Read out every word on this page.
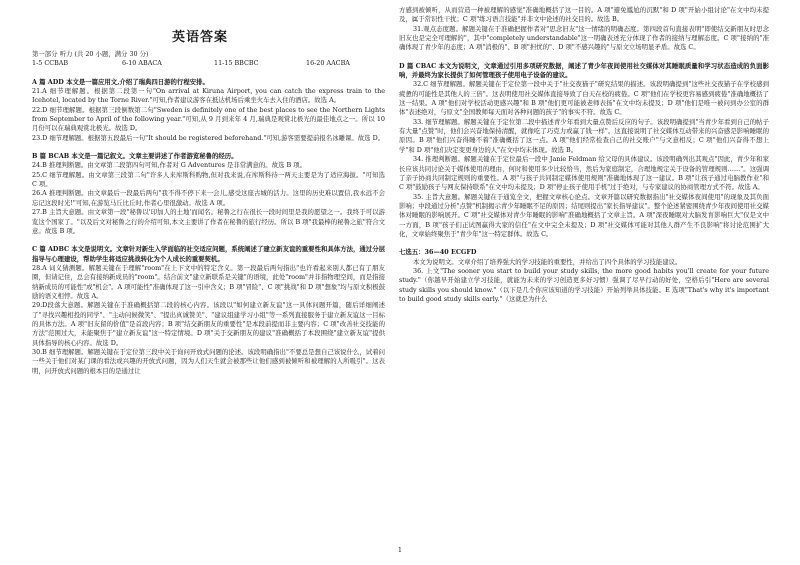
英语答案

第一部分 听力 (共 20 小题，满分 30 分)

1-5 CCBAB	6-10 ABACA	11-15 BBCBC	16-20 AACBA

A 篇 ADD 本文是一篇应用文,介绍了瑞典四日游的行程安排。

21.A 细节理解题。根据第二段第一句"On arrival at Kiruna Airport, you can catch the express train to the Icehotel, located by the Torne River."可知,作者建议游客在抵达机场后乘坐火车去入住的酒店。故选 A。

22.D 细节理解题。根据第三段倒数第二句"Sweden is definitely one of the best places to see the Northern Lights from September to April of the following year."可知,从 9 月到来年 4 月,瑞典是观赏北极光的最佳地点之一。所以 10 月份可以在瑞典观赏北极光。故选 D。

23.D 细节理解题。根据第五段最后一句"It should be registered beforehand."可知,游客需要提前报名冰雕课。故选 D。

B 篇 BCAB 本文是一篇记叙文。文章主要讲述了作者游览秘鲁的经历。

24.B 推理判断题。由文章第二段第四句可知,作者对 G Adventures 是非常满意的。故选 B 项。

25.C 细节理解题。由文章第三段第二句"许多人来库斯科购物,但对我来说,在库斯科待一两天主要是为了适应海拔。"可知选 C 项。

26.A 推理判断题。由文章最后一段最后两句"我不得不停下来一会儿,感受这座古城的活力。这里的历史难以置信,我永远不会忘记这段时光!"可知,在游览马丘比丘时,作者心里很激动。故选 A 项。

27.B 主旨大意题。由文章第一段"秘鲁以'印加人的土地'而闻名。秘鲁之行在很长一段时间里是我的愿望之一。我终于可以游览这个国家了。"以及后文对秘鲁之行的介绍可知,本文主要讲了作者在秘鲁的旅行经历。所以 B 项"我最棒的秘鲁之旅"符合文意。故选 B 项。

C 篇 ADBC 本文是说明文。文章针对新生入学面临的社交适应问题，系统阐述了建立新友谊的重要性和具体方法，通过分层指导与心理建设，帮助学生将适应挑战转化为个人成长的重要契机。

28.A 词义猜测题。解题关键在于理解"room"在上下文中的特定含义。第一段最后两句指出"也许看起来别人都已有了朋友圈，但请记住，总会有接纳新成员的"room"。结合前文"建立新联系是关键"的语境，此处"room"并非指物理空间，而是指接纳新成员的可能性"或"机会"。A 项可能性"准确体现了这一引申含义；B 项"冒险"、C 项"挑战"和 D 项"想象"均与原文积极鼓励的语义相悖。故选 A。

29.D段落大意题。解题关键在于准确概括第二段的核心内容。该段以"如何建立新友谊"这一具体问题开篇，随后详细阐述了"寻找兴趣相投的同学"、"主动问候微笑"、"提出真诚赞美"、"建议组建学习小组"等一系列直接服务于建立新友谊这一目标的具体方法。A 项"旧友留的价值"是首段内容；B 项"结交新朋友的重要性"是本段前提而非主要内容；C 项"改善社交技能的方法"范围过大，未能聚焦于"建立新友谊"这一特定情境。D 项"关于交新朋友的建议"准确概括了本段围绕"建立新友谊"提供具体指导的核心内容。故选 D。

30.B 细节理解题。解题关键在于定位第三段中关于询问开放式问题的论述。该段明确指出"不要总是想自己该说什么，试着问一些关于他们对某门课的看法或兴趣的开放式问题，因为人们天生就会被那些让他们感到被倾听和被理解的人所吸引"。这表明，问开放式问题的根本目的是通过让

方感到被倾听，从而营造一种被理解的感觉"准确地概括了这一目的。A 项"避免尴尬的沉默"和 D 项"开始小组讨论"在文中均未提及，属于常识性干扰；C 项"练习语言技能"并非文中论述的社交目的。故选 B。

31.观点态度题。解题关键在于准确把握作者对"思念旧友"这一情绪的明确态度。第四段首句直接表明"即使结交新朋友时思念旧友也是完全可理解的"，其中"completely understandable"这一明确表述充分体现了作者的接纳与理解态度。C 项"接纳的"准确体现了青少年的态度；A 项"消极的"、B 项"担忧的"、D 项"不感兴趣的"与原文立场明显矛盾。故选 C。

D 篇 CBAC 本文为说明文，文章通过引用多项研究数据，阐述了青少年夜间使用社交媒体对其睡眠质量和学习状态造成的负面影响，并最终为家长提供了如何管理孩子使用电子设备的建议。

32.C 细节理解题。解题关键在于定位第一段中关于"社交夜猫子"研究结果的描述。该段明确提到"这些社交夜猫子在学校感到疲惫的可能性是其他人的三倍"。这表明使用社交媒体直接导致了白天在校的疲倦。C 项"他们在学校更容易感到疲倦"准确地概括了这一结果。A 项"他们对学校活动更感兴趣"和 B 项"他们更可能被老师表扬"在文中均未提及；D 项"他们是唯一被问到办公室的群体"表述绝对，与原文"全国教师每天面对各种问题的孩子"的事实不符。故选 C。

33. 细节理解题。解题关键在于定位第二段中描述青少年看到大量点赞后反应的句子。该段明确提到"当青少年看到自己的帖子有大量"点赞"时，他们会兴奋地保持清醒，就像吃了巧克力或赢了钱一样"。这直接说明了社交媒体互动带来的兴奋感是影响睡眠的原因。B 项"他们兴奋得睡不着"准确概括了这一点。A 项"他们经常检查自己的社交账户"与文意相反；C 项"他们兴奋得不想上学"和 D 项"他们决定变更身边的人"在文中均未体现。故选 B。

34. 推理判断题。解题关键在于定位最后一段中 Janie Feldman 给父母的具体建议。该段明确列出其观点"因此，青少年和家长应该共同讨论关于媒体使用的理由，何时和使用多少比较恰当，然后为家庭制定，合理地规定关于设备的管理规则……"。这强调了亲子协商共同制定规则的重要性。A 项"与孩子共同制定媒体使用规则"准确地体现了这一建议。B 项"让孩子通过电脑教作业"和 C 项"鼓励孩子与网友保持联系"在文中均未提及；D 项"停止孩子使用手机"过于绝对，与专家建议的协商管理方式不符。故选 A。

35. 主旨大意题。解题关键在于通览全文，把握文章核心论点。文章开篇以研究数据指出"社交媒体夜间使用"的现象及其负面影响；中段通过分析"点赞"机制揭示青少年睡眠不足的原因；结尾则提出"家长指导建议"。整个论述紧密围绕青少年夜间使用社交媒体对睡眠的影响展开。C 项"社交媒体对青少年睡眠的影响"准确地概括了文章主旨。A 项"深夜睡眠对大脑发育影响巨大"仅是文中一方面，B 项"孩子们正试图赢得大家的信任"在文中完全未提及；D 项"社交媒体可能对其他人群产生不良影响"将讨论范围扩大化，文章始终聚焦于"青少年"这一特定群体。故选 C。

七选五：36—40 ECGFD

本文为说明文。文章介绍了培养强大的学习技能的重要性，并给出了四个具体的学习技能建议。

36. 上文"The sooner you start to build your study skills, the more good habits you'll create for your future study."（你越早开始建立学习技能，就能为未来的学习创造更多好习惯）强调了尽早行动的好处，空格后引"Here are several study skills you should know."（以下是几个你应该知道的学习技能）开始列举具体技能。E 选项"That's why it's important to build good study skills early."（这就是为什么

1
